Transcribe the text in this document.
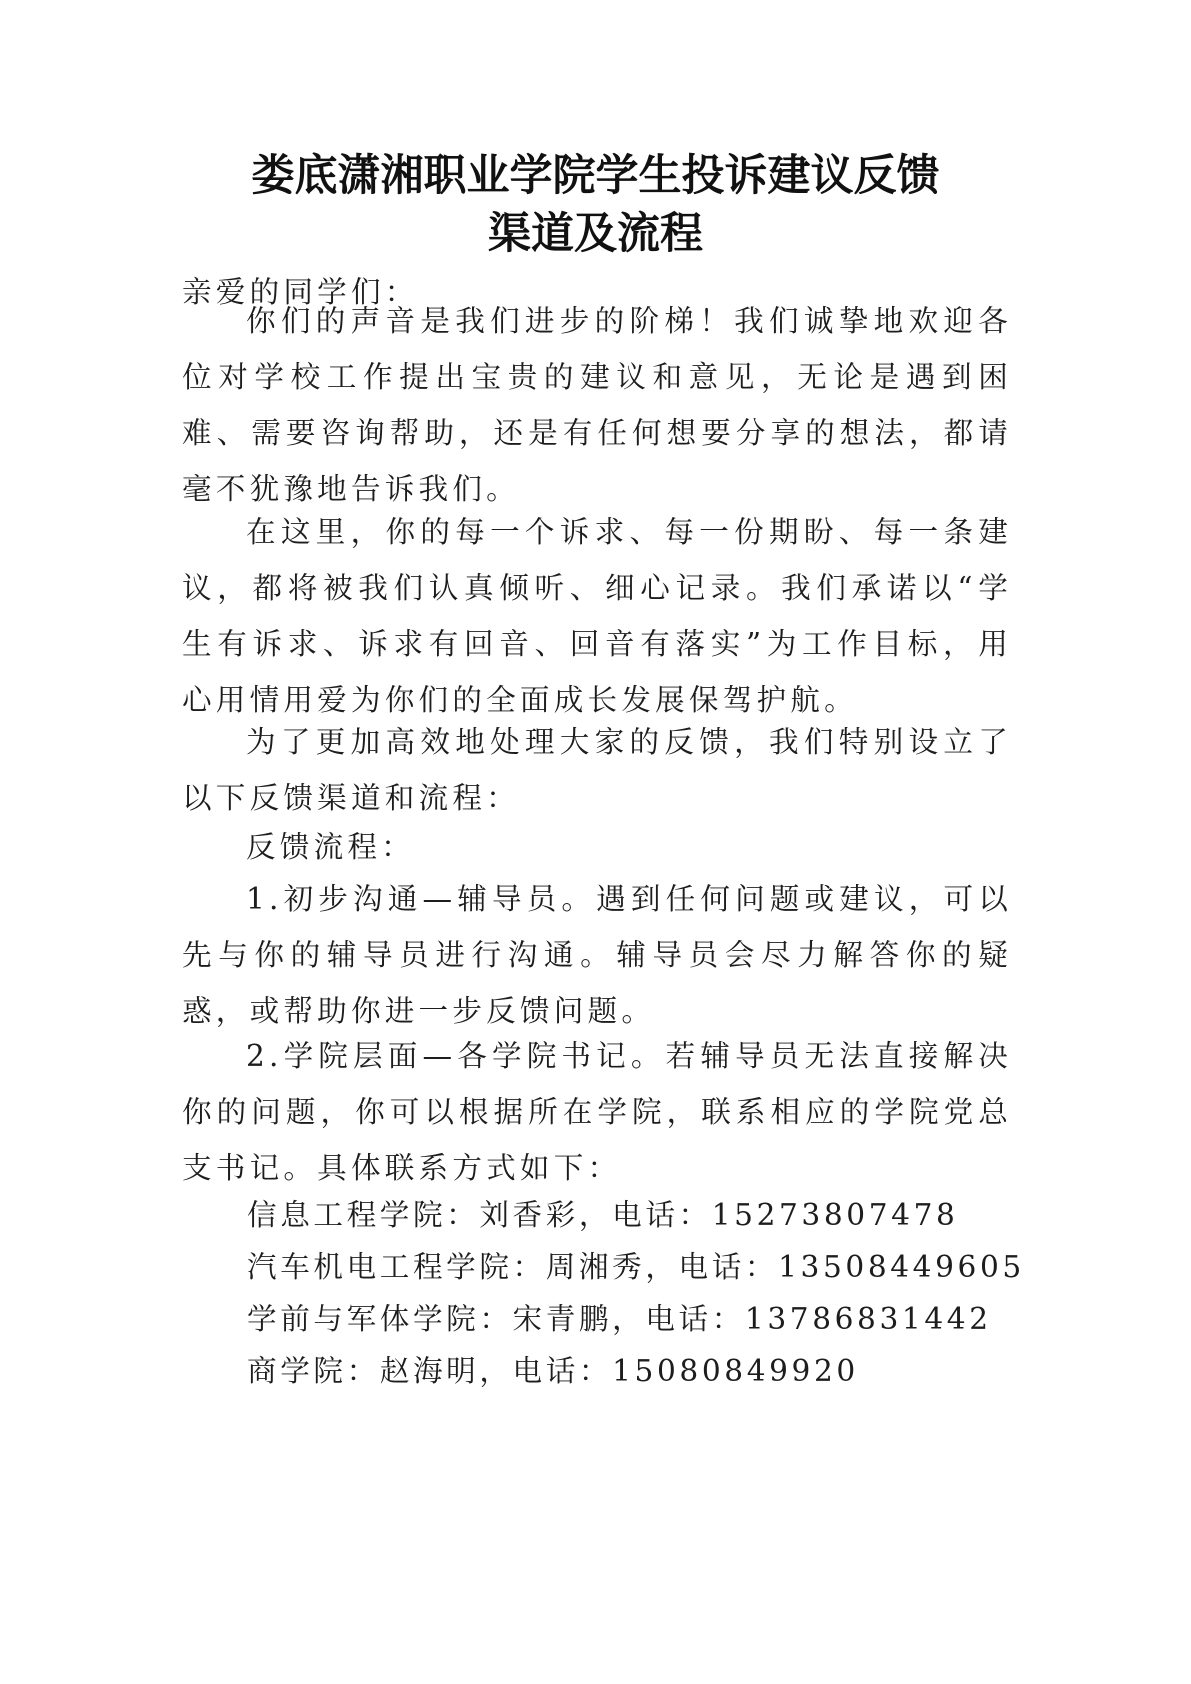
娄底潇湘职业学院学生投诉建议反馈
渠道及流程
亲爱的同学们：

你们的声音是我们进步的阶梯！我们诚挚地欢迎各位对学校工作提出宝贵的建议和意见，无论是遇到困难、需要咨询帮助，还是有任何想要分享的想法，都请毫不犹豫地告诉我们。

在这里，你的每一个诉求、每一份期盼、每一条建议，都将被我们认真倾听、细心记录。我们承诺以“学生有诉求、诉求有回音、回音有落实”为工作目标，用心用情用爱为你们的全面成长发展保驾护航。

为了更加高效地处理大家的反馈，我们特别设立了以下反馈渠道和流程：

反馈流程：

1.初步沟通—辅导员。遇到任何问题或建议，可以先与你的辅导员进行沟通。辅导员会尽力解答你的疑惑，或帮助你进一步反馈问题。

2.学院层面—各学院书记。若辅导员无法直接解决你的问题，你可以根据所在学院，联系相应的学院党总支书记。具体联系方式如下：

信息工程学院：刘香彩，电话：15273807478
汽车机电工程学院：周湘秀，电话：13508449605
学前与军体学院：宋青鹏，电话：13786831442
商学院：赵海明，电话：15080849920
